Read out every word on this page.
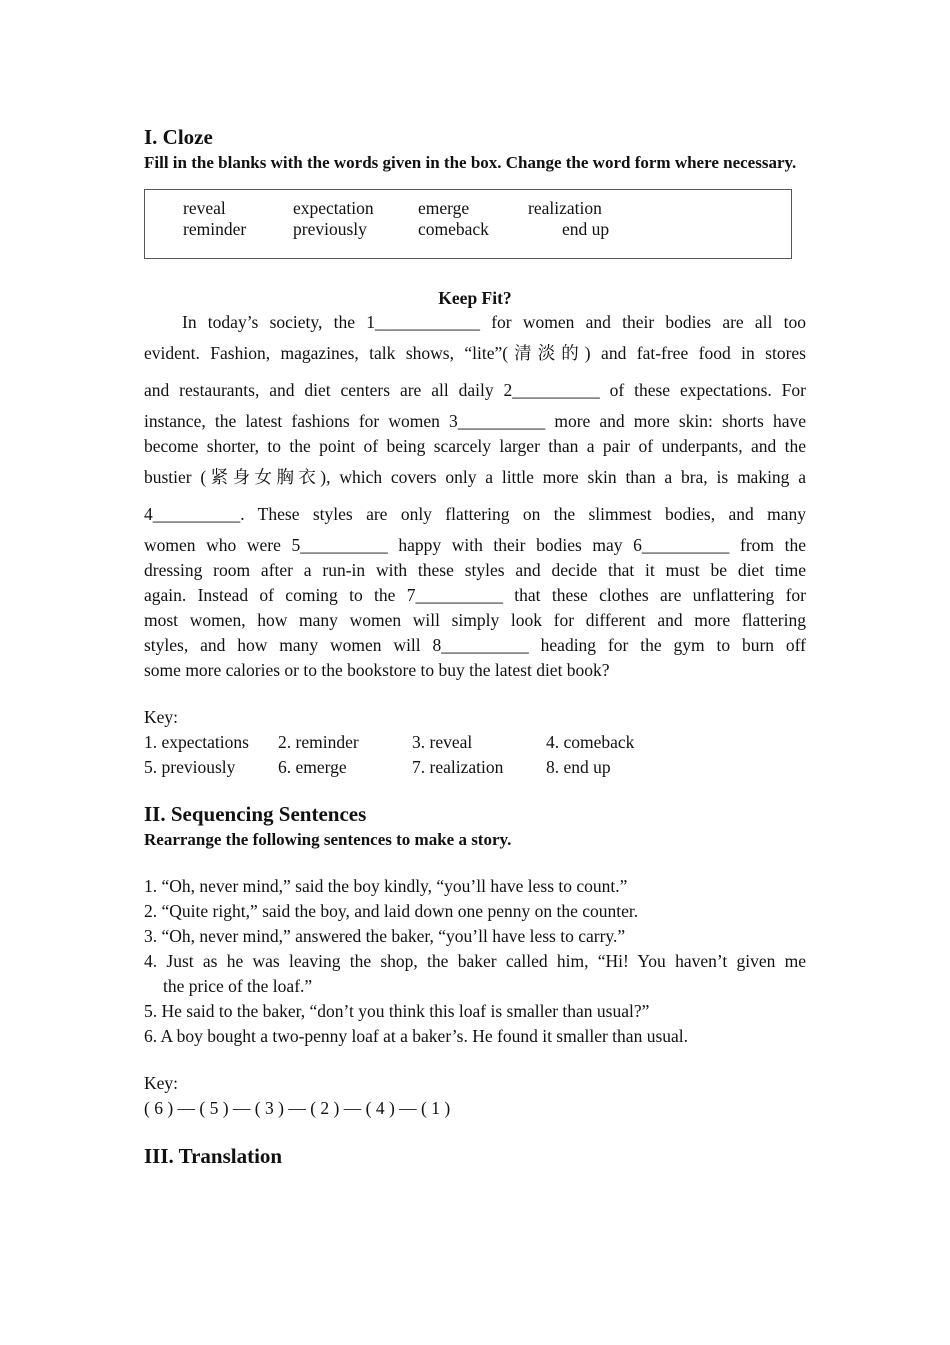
I. Cloze

Fill in the blanks with the words given in the box. Change the word form where necessary.

reveal	expectation	emerge	realization
reminder	previously	comeback	end up
Keep Fit?
In today’s society, the 1____________ for women and their bodies are all too
evident. Fashion, magazines, talk shows, “lite”(清淡的) and fat-free food in stores
and restaurants, and diet centers are all daily 2__________ of these expectations. For
instance, the latest fashions for women 3__________ more and more skin: shorts have
become shorter, to the point of being scarcely larger than a pair of underpants, and the
bustier (紧身女胸衣), which covers only a little more skin than a bra, is making a
4__________. These styles are only flattering on the slimmest bodies, and many
women who were 5__________ happy with their bodies may 6__________ from the
dressing room after a run-in with these styles and decide that it must be diet time
again. Instead of coming to the 7__________ that these clothes are unflattering for
most women, how many women will simply look for different and more flattering
styles, and how many women will 8__________ heading for the gym to burn off
some more calories or to the bookstore to buy the latest diet book?
Key:
1. expectations	2. reminder	3. reveal	4. comeback
5. previously	6. emerge	7. realization	8. end up
II. Sequencing Sentences

Rearrange the following sentences to make a story.

1. “Oh, never mind,” said the boy kindly, “you’ll have less to count.”
2. “Quite right,” said the boy, and laid down one penny on the counter.
3. “Oh, never mind,” answered the baker, “you’ll have less to carry.”
4. Just as he was leaving the shop, the baker called him, “Hi! You haven’t given me
the price of the loaf.”
5. He said to the baker, “don’t you think this loaf is smaller than usual?”
6. A boy bought a two-penny loaf at a baker’s. He found it smaller than usual.
Key:
( 6 ) — ( 5 ) — ( 3 ) — ( 2 ) — ( 4 ) — ( 1 )
III. Translation
